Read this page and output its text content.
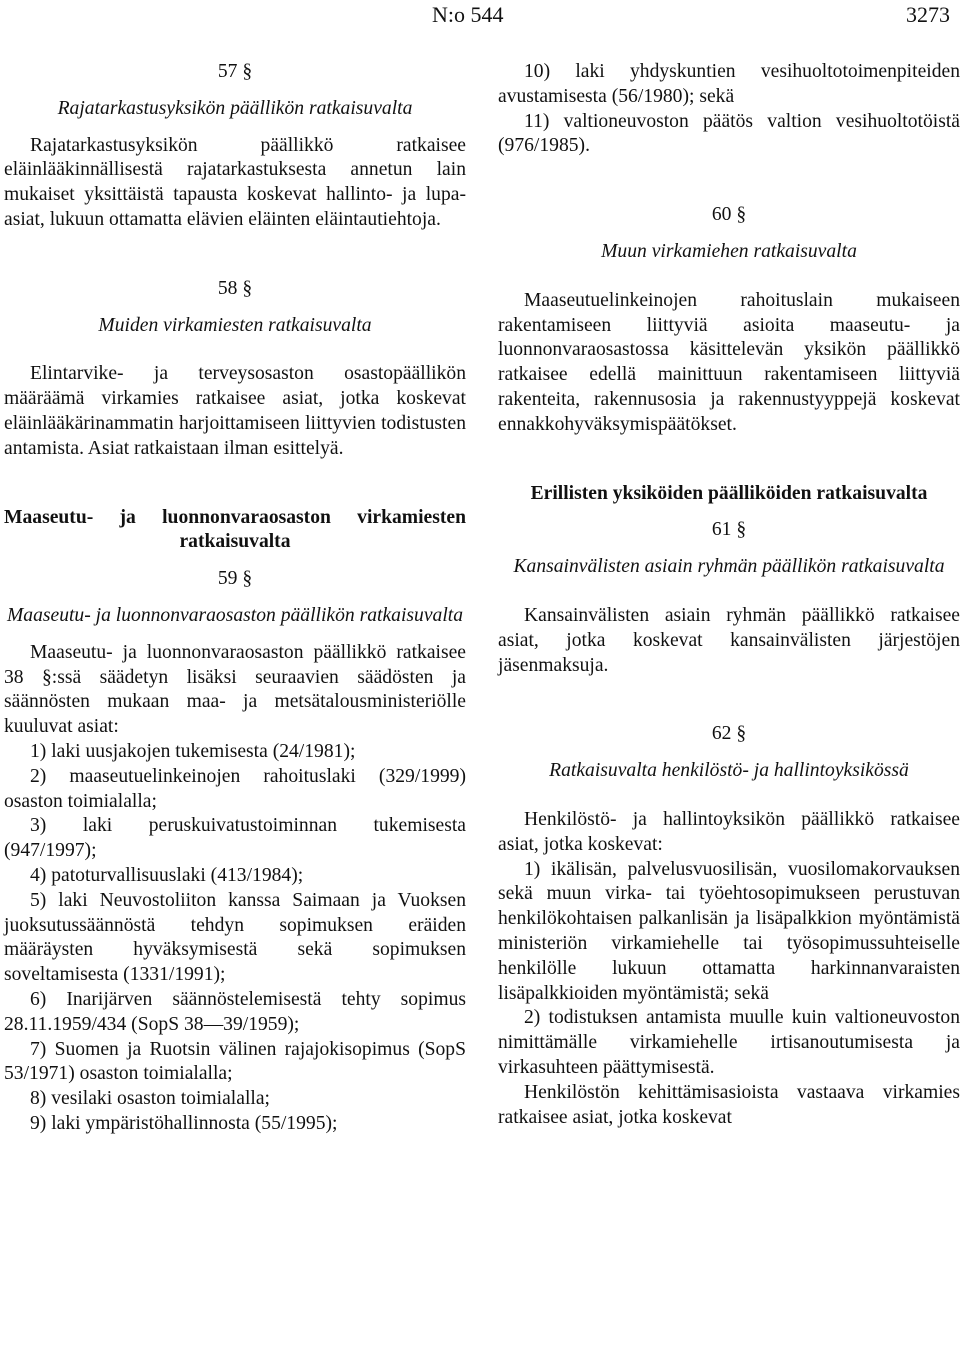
N:o 544	3273

57 §

Rajatarkastusyksikön päällikön ratkaisuvalta

Rajatarkastusyksikön päällikkö ratkaisee eläinlääkinnällisestä rajatarkastuksesta annetun lain mukaiset yksittäistä tapausta koskevat hallinto- ja lupa-asiat, lukuun ottamatta elävien eläinten eläintautiehtoja.

58 §

Muiden virkamiesten ratkaisuvalta

Elintarvike- ja terveysosaston osastopäällikön määräämä virkamies ratkaisee asiat, jotka koskevat eläinlääkärinammatin harjoittamiseen liittyvien todistusten antamista. Asiat ratkaistaan ilman esittelyä.

Maaseutu- ja luonnonvaraosaston virkamiesten ratkaisuvalta

59 §

Maaseutu- ja luonnonvaraosaston päällikön ratkaisuvalta

Maaseutu- ja luonnonvaraosaston päällikkö ratkaisee 38 §:ssä säädetyn lisäksi seuraavien säädösten ja säännösten mukaan maa- ja metsätalousministeriölle kuuluvat asiat:

1) laki uusjakojen tukemisesta (24/1981);

2) maaseutuelinkeinojen rahoituslaki (329/1999) osaston toimialalla;

3) laki peruskuivatustoiminnan tukemisesta (947/1997);

4) patoturvallisuuslaki (413/1984);

5) laki Neuvostoliiton kanssa Saimaan ja Vuoksen juoksutussäännöstä tehdyn sopimuksen eräiden määräysten hyväksymisestä sekä sopimuksen soveltamisesta (1331/1991);

6) Inarijärven säännöstelemisestä tehty sopimus 28.11.1959/434 (SopS 38—39/1959);

7) Suomen ja Ruotsin välinen rajajokisopimus (SopS 53/1971) osaston toimialalla;

8) vesilaki osaston toimialalla;

9) laki ympäristöhallinnosta (55/1995);

10) laki yhdyskuntien vesihuoltotoimenpiteiden avustamisesta (56/1980); sekä

11) valtioneuvoston päätös valtion vesihuoltotöistä (976/1985).

60 §

Muun virkamiehen ratkaisuvalta

Maaseutuelinkeinojen rahoituslain mukaiseen rakentamiseen liittyviä asioita maaseutu- ja luonnonvaraosastossa käsittelevän yksikön päällikkö ratkaisee edellä mainittuun rakentamiseen liittyviä rakenteita, rakennusosia ja rakennustyyppejä koskevat ennakkohyväksymispäätökset.

Erillisten yksiköiden päälliköiden ratkaisuvalta

61 §

Kansainvälisten asiain ryhmän päällikön ratkaisuvalta

Kansainvälisten asiain ryhmän päällikkö ratkaisee asiat, jotka koskevat kansainvälisten järjestöjen jäsenmaksuja.

62 §

Ratkaisuvalta henkilöstö- ja hallintoyksikössä

Henkilöstö- ja hallintoyksikön päällikkö ratkaisee asiat, jotka koskevat:

1) ikälisän, palvelusvuosilisän, vuosilomakorvauksen sekä muun virka- tai työehtosopimukseen perustuvan henkilökohtaisen palkanlisän ja lisäpalkkion myöntämistä ministeriön virkamiehelle tai työsopimussuhteiselle henkilölle lukuun ottamatta harkinnanvaraisten lisäpalkkioiden myöntämistä; sekä

2) todistuksen antamista muulle kuin valtioneuvoston nimittämälle virkamiehelle irtisanoutumisesta ja virkasuhteen päättymisestä.

Henkilöstön kehittämisasioista vastaava virkamies ratkaisee asiat, jotka koskevat
